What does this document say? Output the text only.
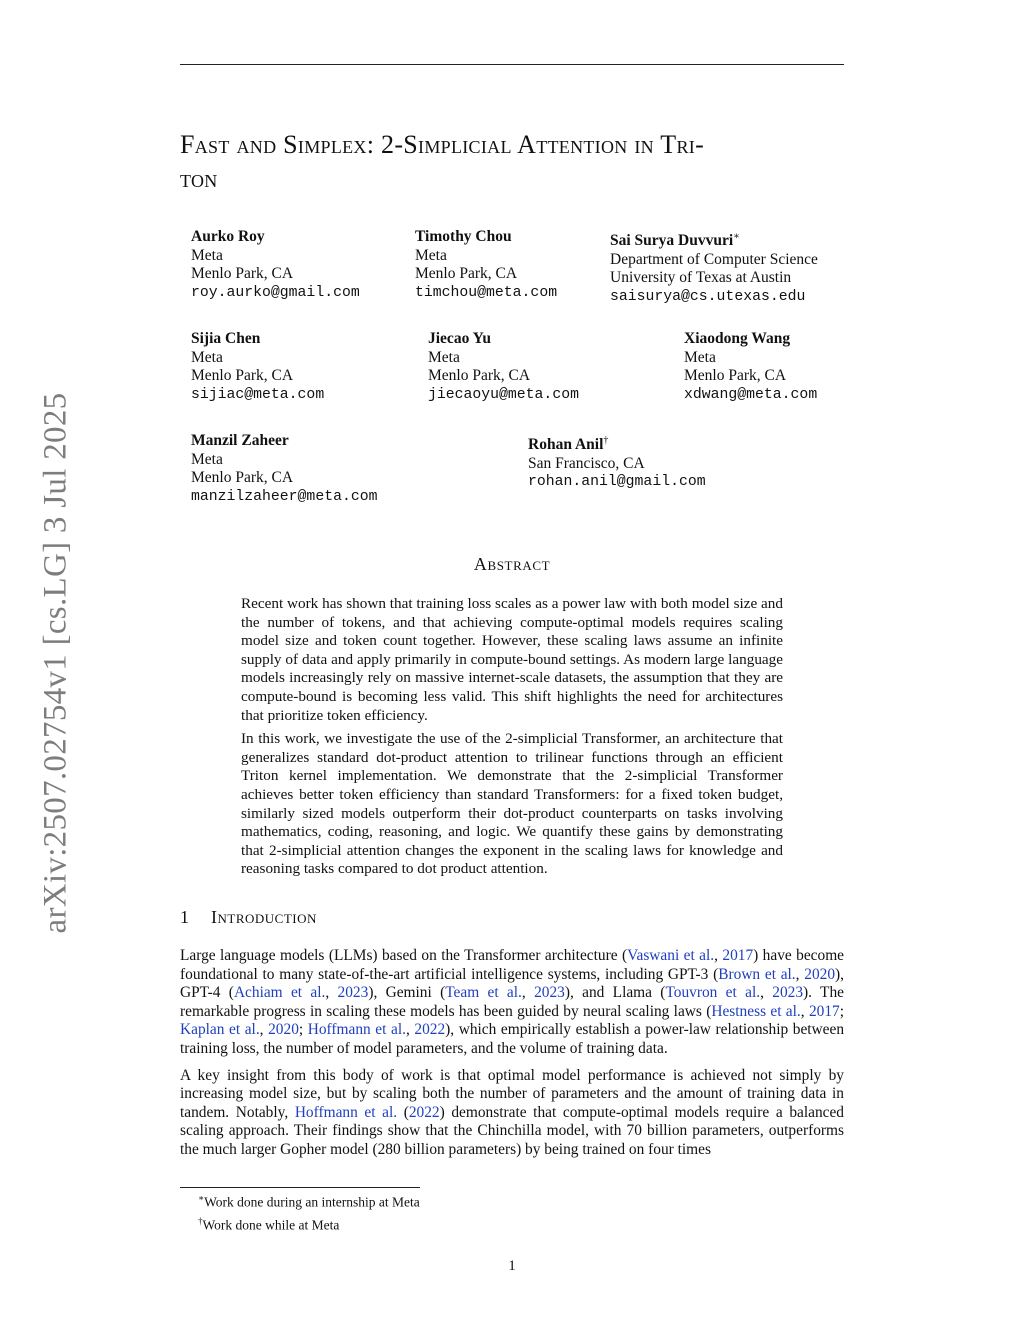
arXiv:2507.02754v1 [cs.LG] 3 Jul 2025
Fast and Simplex: 2-Simplicial Attention in Tri-
ton
Aurko Roy
Meta
Menlo Park, CA
roy.aurko@gmail.com
Timothy Chou
Meta
Menlo Park, CA
timchou@meta.com
Sai Surya Duvvuri∗
Department of Computer Science
University of Texas at Austin
saisurya@cs.utexas.edu
Sijia Chen
Meta
Menlo Park, CA
sijiac@meta.com
Jiecao Yu
Meta
Menlo Park, CA
jiecaoyu@meta.com
Xiaodong Wang
Meta
Menlo Park, CA
xdwang@meta.com
Manzil Zaheer
Meta
Menlo Park, CA
manzilzaheer@meta.com
Rohan Anil†
San Francisco, CA
rohan.anil@gmail.com
Abstract

Recent work has shown that training loss scales as a power law with both model size and the number of tokens, and that achieving compute-optimal models requires scaling model size and token count together. However, these scaling laws assume an infinite supply of data and apply primarily in compute-bound settings. As modern large language models increasingly rely on massive internet-scale datasets, the assumption that they are compute-bound is becoming less valid. This shift highlights the need for architectures that prioritize token efficiency.

In this work, we investigate the use of the 2-simplicial Transformer, an architecture that generalizes standard dot-product attention to trilinear functions through an efficient Triton kernel implementation. We demonstrate that the 2-simplicial Transformer achieves better token efficiency than standard Transformers: for a fixed token budget, similarly sized models outperform their dot-product counterparts on tasks involving mathematics, coding, reasoning, and logic. We quantify these gains by demonstrating that 2-simplicial attention changes the exponent in the scaling laws for knowledge and reasoning tasks compared to dot product attention.

1 Introduction

Large language models (LLMs) based on the Transformer architecture (Vaswani et al., 2017) have become foundational to many state-of-the-art artificial intelligence systems, including GPT-3 (Brown et al., 2020), GPT-4 (Achiam et al., 2023), Gemini (Team et al., 2023), and Llama (Touvron et al., 2023). The remarkable progress in scaling these models has been guided by neural scaling laws (Hestness et al., 2017; Kaplan et al., 2020; Hoffmann et al., 2022), which empirically establish a power-law relationship between training loss, the number of model parameters, and the volume of training data.

A key insight from this body of work is that optimal model performance is achieved not simply by increasing model size, but by scaling both the number of parameters and the amount of training data in tandem. Notably, Hoffmann et al. (2022) demonstrate that compute-optimal models require a balanced scaling approach. Their findings show that the Chinchilla model, with 70 billion parameters, outperforms the much larger Gopher model (280 billion parameters) by being trained on four times

∗Work done during an internship at Meta
†Work done while at Meta
1
